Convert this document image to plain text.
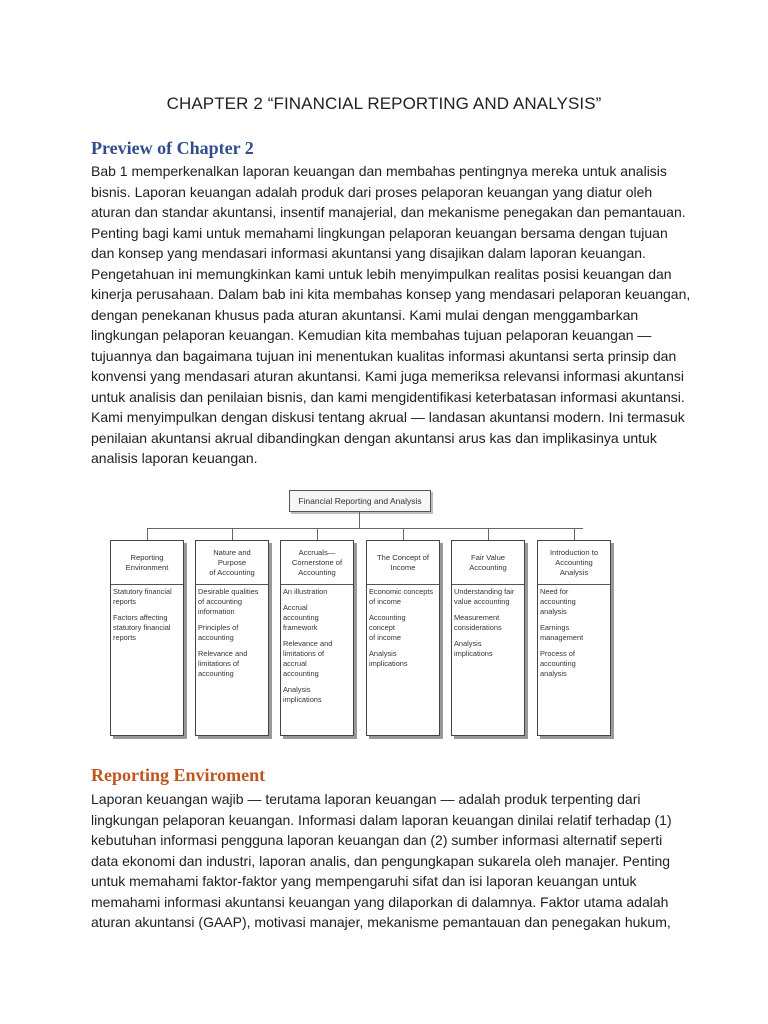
CHAPTER 2 “FINANCIAL REPORTING AND ANALYSIS”
Preview of Chapter 2
Bab 1 memperkenalkan laporan keuangan dan membahas pentingnya mereka untuk analisis
bisnis. Laporan keuangan adalah produk dari proses pelaporan keuangan yang diatur oleh
aturan dan standar akuntansi, insentif manajerial, dan mekanisme penegakan dan pemantauan.
Penting bagi kami untuk memahami lingkungan pelaporan keuangan bersama dengan tujuan
dan konsep yang mendasari informasi akuntansi yang disajikan dalam laporan keuangan.
Pengetahuan ini memungkinkan kami untuk lebih menyimpulkan realitas posisi keuangan dan
kinerja perusahaan. Dalam bab ini kita membahas konsep yang mendasari pelaporan keuangan,
dengan penekanan khusus pada aturan akuntansi. Kami mulai dengan menggambarkan
lingkungan pelaporan keuangan. Kemudian kita membahas tujuan pelaporan keuangan —
tujuannya dan bagaimana tujuan ini menentukan kualitas informasi akuntansi serta prinsip dan
konvensi yang mendasari aturan akuntansi. Kami juga memeriksa relevansi informasi akuntansi
untuk analisis dan penilaian bisnis, dan kami mengidentifikasi keterbatasan informasi akuntansi.
Kami menyimpulkan dengan diskusi tentang akrual — landasan akuntansi modern. Ini termasuk
penilaian akuntansi akrual dibandingkan dengan akuntansi arus kas dan implikasinya untuk
analisis laporan keuangan.
Financial Reporting and Analysis
Reporting
Environment
Statutory financial
reports
Factors affecting
statutory financial
reports
Nature and
Purpose
of Accounting
Desirable qualities
of accounting
information
Principles of
accounting
Relevance and
limitations of
accounting
Accruals—
Cornerstone of
Accounting
An illustration
Accrual
accounting
framework
Relevance and
limitations of
accrual
accounting
Analysis
implications
The Concept of
Income
Economic concepts
of income
Accounting
concept
of income
Analysis
implications
Fair Value
Accounting
Understanding fair
value accounting
Measurement
considerations
Analysis
implications
Introduction to
Accounting
Analysis
Need for
accounting
analysis
Earnings
management
Process of
accounting
analysis
Reporting Enviroment
Laporan keuangan wajib — terutama laporan keuangan — adalah produk terpenting dari
lingkungan pelaporan keuangan. Informasi dalam laporan keuangan dinilai relatif terhadap (1)
kebutuhan informasi pengguna laporan keuangan dan (2) sumber informasi alternatif seperti
data ekonomi dan industri, laporan analis, dan pengungkapan sukarela oleh manajer. Penting
untuk memahami faktor-faktor yang mempengaruhi sifat dan isi laporan keuangan untuk
memahami informasi akuntansi keuangan yang dilaporkan di dalamnya. Faktor utama adalah
aturan akuntansi (GAAP), motivasi manajer, mekanisme pemantauan dan penegakan hukum,
